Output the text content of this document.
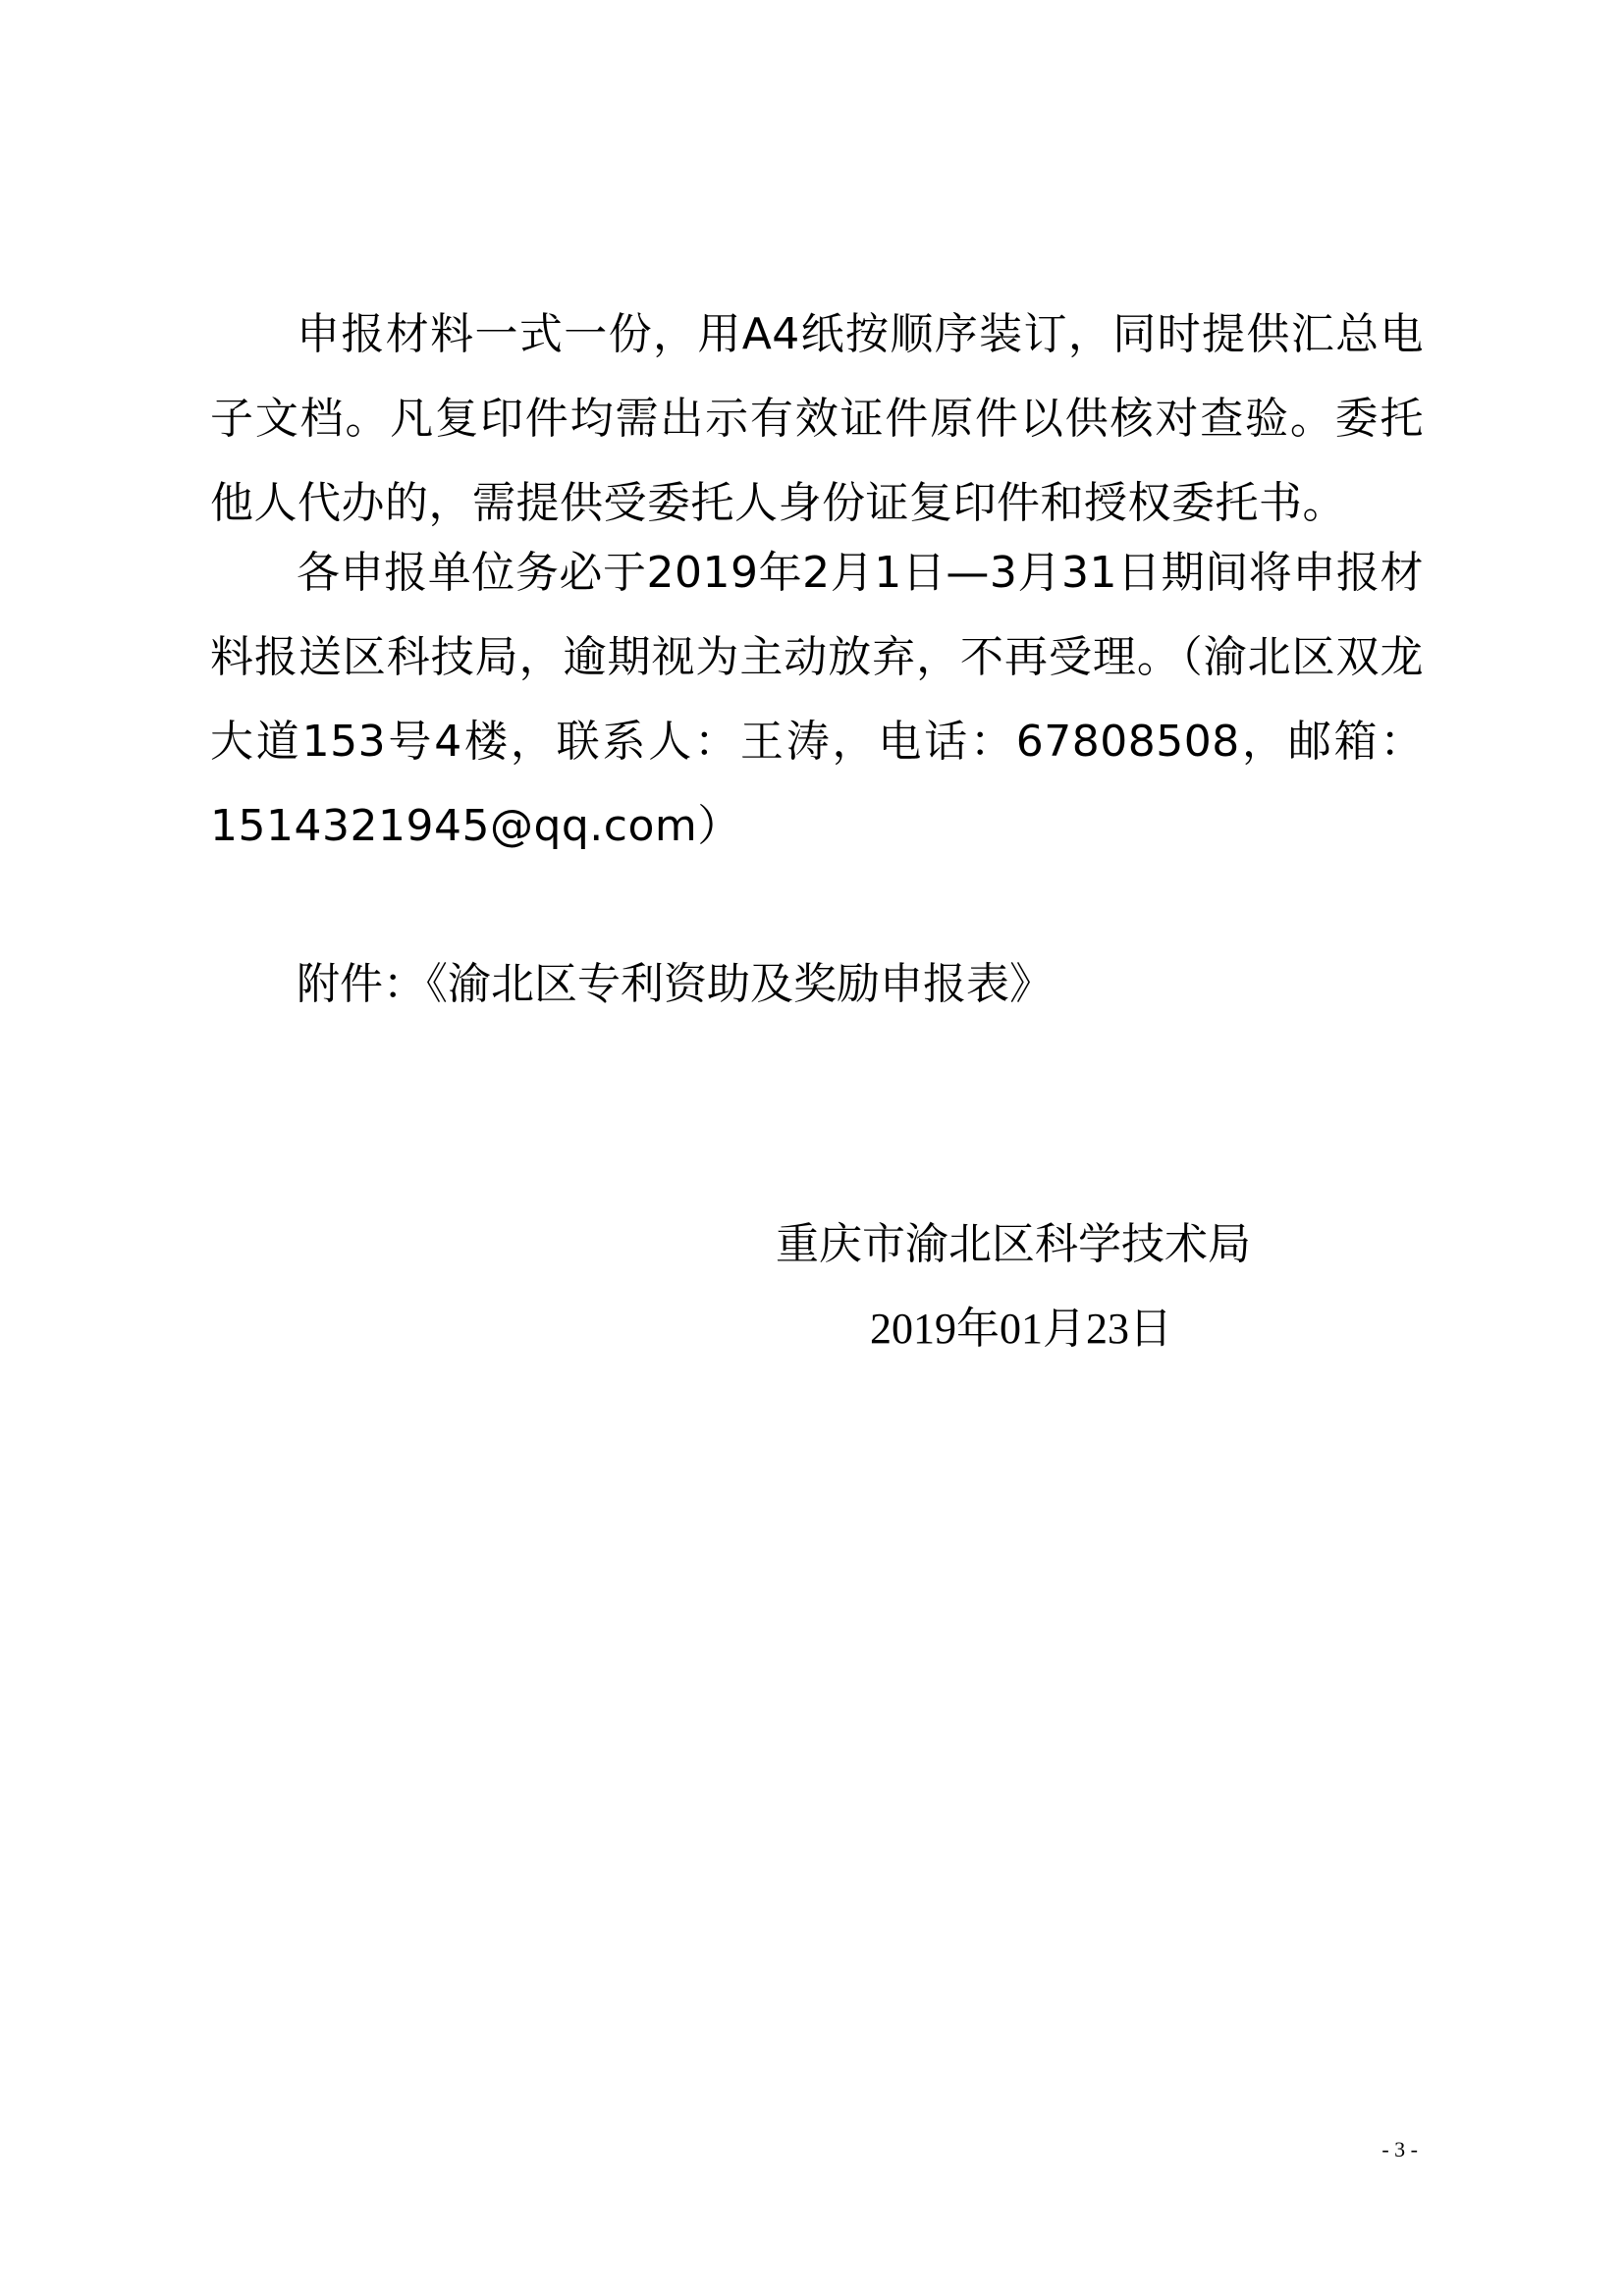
申报材料一式一份，用A4纸按顺序装订，同时提供汇总电子文档。凡复印件均需出示有效证件原件以供核对查验。委托他人代办的，需提供受委托人身份证复印件和授权委托书。

各申报单位务必于2019年2月1日—3月31日期间将申报材料报送区科技局，逾期视为主动放弃，不再受理。（渝北区双龙大道153号4楼，联系人：王涛，电话：67808508，邮箱：1514321945@qq.com）

附件：《渝北区专利资助及奖励申报表》
重庆市渝北区科学技术局
2019年01月23日
- 3 -
